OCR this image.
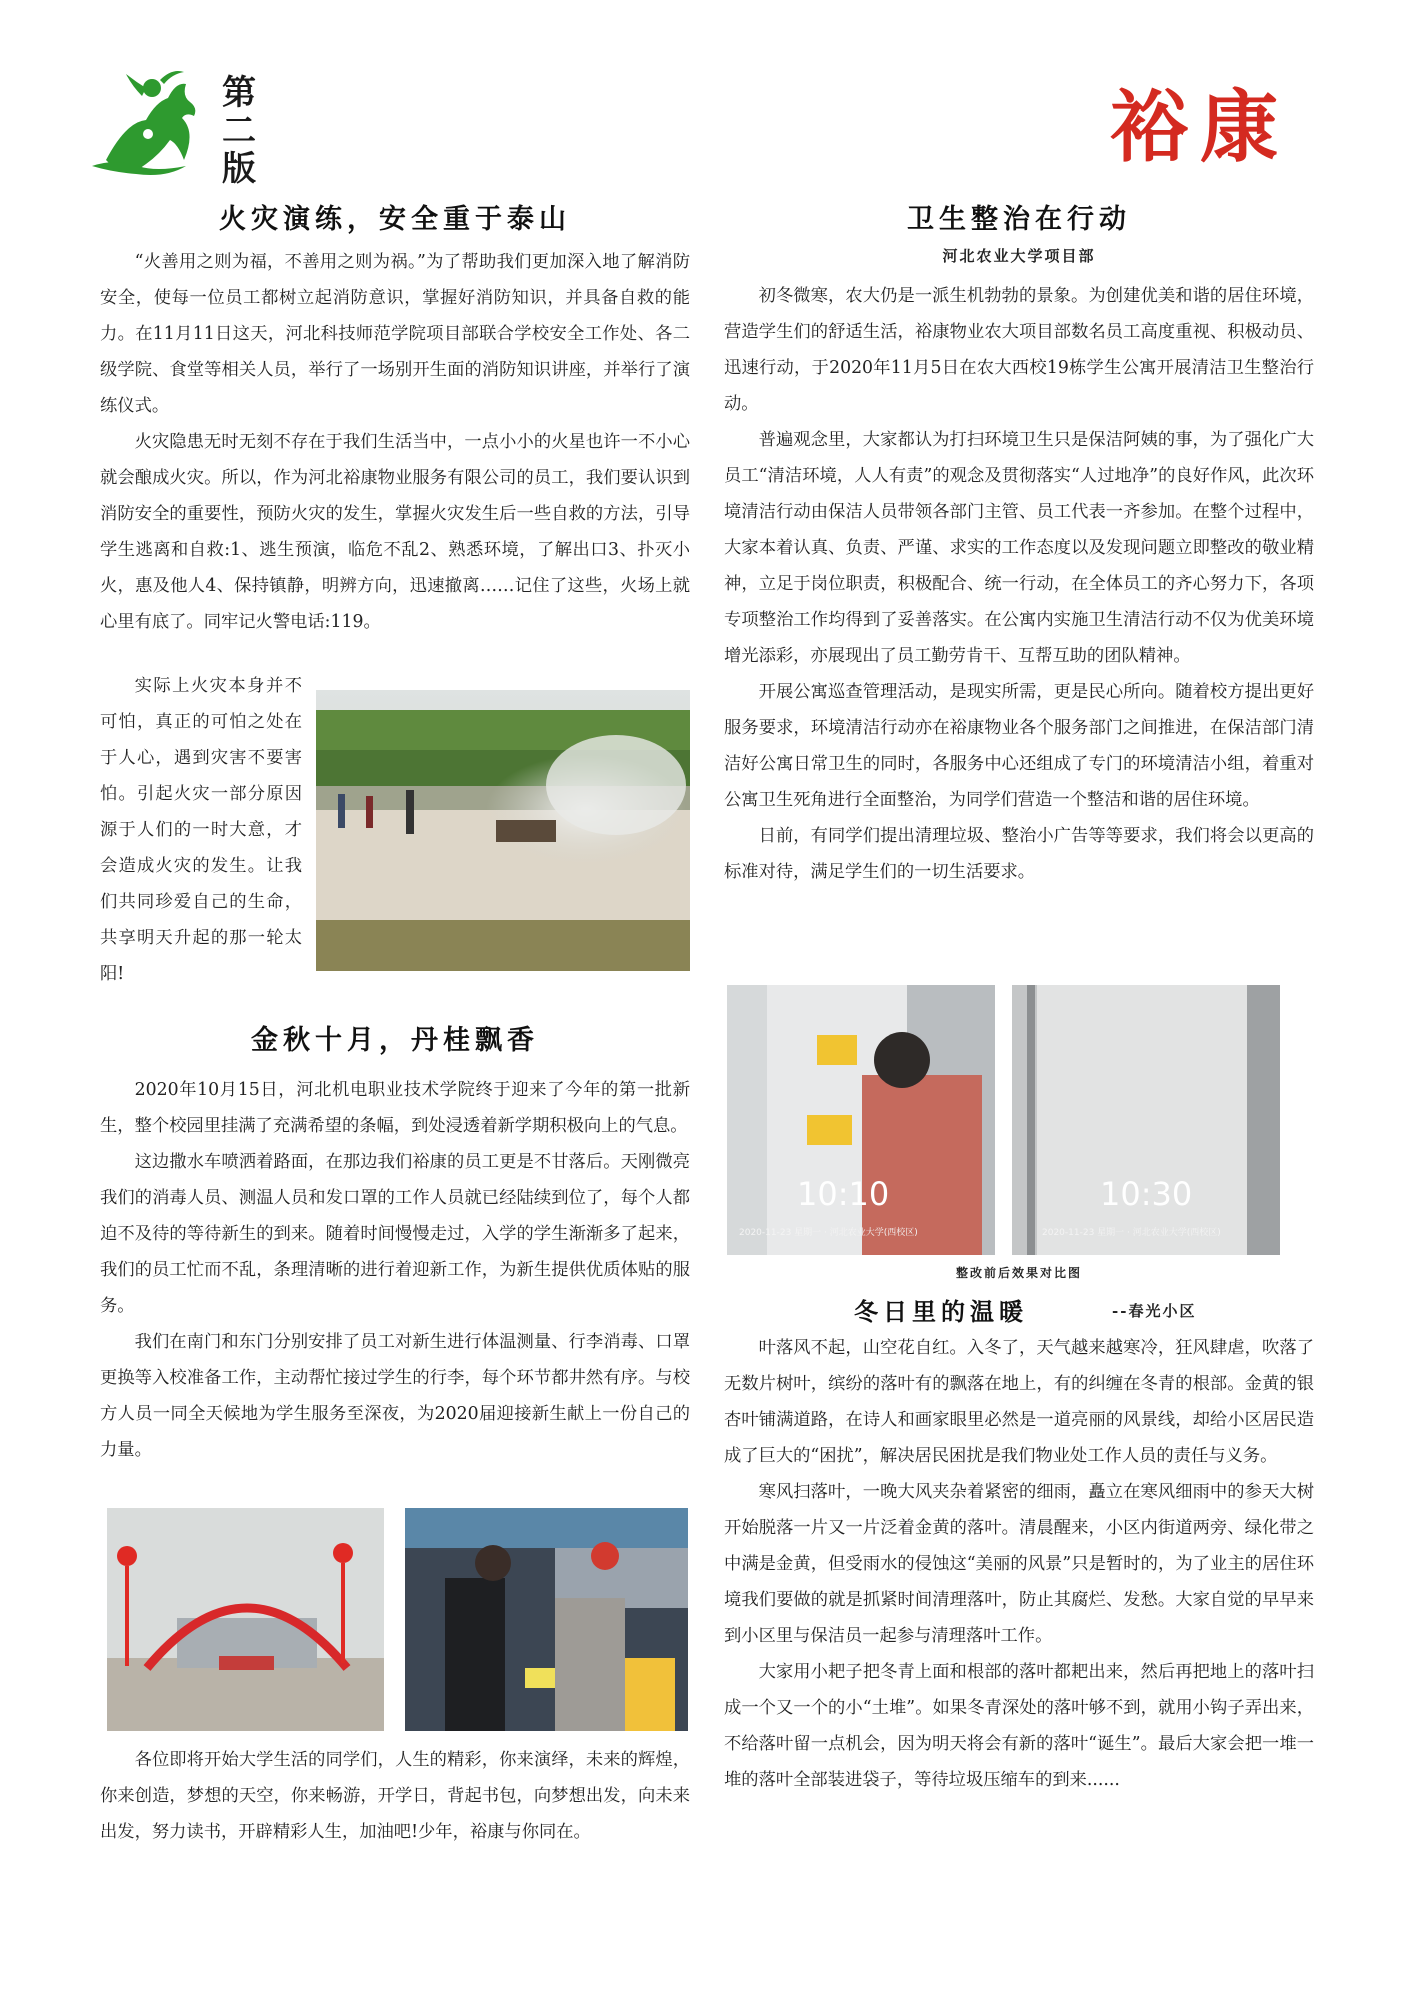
第二版	裕康
火灾演练，安全重于泰山

“火善用之则为福，不善用之则为祸。”为了帮助我们更加深入地了解消防安全，使每一位员工都树立起消防意识，掌握好消防知识，并具备自救的能力。在11月11日这天，河北科技师范学院项目部联合学校安全工作处、各二级学院、食堂等相关人员，举行了一场别开生面的消防知识讲座，并举行了演练仪式。

火灾隐患无时无刻不存在于我们生活当中，一点小小的火星也许一不小心就会酿成火灾。所以，作为河北裕康物业服务有限公司的员工，我们要认识到消防安全的重要性，预防火灾的发生，掌握火灾发生后一些自救的方法，引导学生逃离和自救:1、逃生预演，临危不乱2、熟悉环境，了解出口3、扑灭小火，惠及他人4、保持镇静，明辨方向，迅速撤离……记住了这些，火场上就心里有底了。同牢记火警电话:119。

实际上火灾本身并不可怕，真正的可怕之处在于人心，遇到灾害不要害怕。引起火灾一部分原因源于人们的一时大意，才会造成火灾的发生。让我们共同珍爱自己的生命，共享明天升起的那一轮太阳!

金秋十月，丹桂飘香

2020年10月15日，河北机电职业技术学院终于迎来了今年的第一批新生，整个校园里挂满了充满希望的条幅，到处浸透着新学期积极向上的气息。

这边撒水车喷洒着路面，在那边我们裕康的员工更是不甘落后。天刚微亮我们的消毒人员、测温人员和发口罩的工作人员就已经陆续到位了，每个人都迫不及待的等待新生的到来。随着时间慢慢走过，入学的学生渐渐多了起来，我们的员工忙而不乱，条理清晰的进行着迎新工作，为新生提供优质体贴的服务。

我们在南门和东门分别安排了员工对新生进行体温测量、行李消毒、口罩更换等入校准备工作，主动帮忙接过学生的行李，每个环节都井然有序。与校方人员一同全天候地为学生服务至深夜，为2020届迎接新生献上一份自己的力量。

各位即将开始大学生活的同学们，人生的精彩，你来演绎，未来的辉煌，你来创造，梦想的天空，你来畅游，开学日，背起书包，向梦想出发，向未来出发，努力读书，开辟精彩人生，加油吧!少年，裕康与你同在。

卫生整治在行动
河北农业大学项目部

初冬微寒，农大仍是一派生机勃勃的景象。为创建优美和谐的居住环境，营造学生们的舒适生活，裕康物业农大项目部数名员工高度重视、积极动员、迅速行动，于2020年11月5日在农大西校19栋学生公寓开展清洁卫生整治行动。

普遍观念里，大家都认为打扫环境卫生只是保洁阿姨的事，为了强化广大员工“清洁环境，人人有责”的观念及贯彻落实“人过地净”的良好作风，此次环境清洁行动由保洁人员带领各部门主管、员工代表一齐参加。在整个过程中，大家本着认真、负责、严谨、求实的工作态度以及发现问题立即整改的敬业精神，立足于岗位职责，积极配合、统一行动，在全体员工的齐心努力下，各项专项整治工作均得到了妥善落实。在公寓内实施卫生清洁行动不仅为优美环境增光添彩，亦展现出了员工勤劳肯干、互帮互助的团队精神。

开展公寓巡查管理活动，是现实所需，更是民心所向。随着校方提出更好服务要求，环境清洁行动亦在裕康物业各个服务部门之间推进，在保洁部门清洁好公寓日常卫生的同时，各服务中心还组成了专门的环境清洁小组，着重对公寓卫生死角进行全面整治，为同学们营造一个整洁和谐的居住环境。

日前，有同学们提出清理垃圾、整治小广告等等要求，我们将会以更高的标准对待，满足学生们的一切生活要求。

10:10
2020-11-23 星期一 · 河北农业大学(西校区)
10:30
2020-11-23 星期一 · 河北农业大学(西校区)
整改前后效果对比图
冬日里的温暖	--春光小区

叶落风不起，山空花自红。入冬了，天气越来越寒冷，狂风肆虐，吹落了无数片树叶，缤纷的落叶有的飘落在地上，有的纠缠在冬青的根部。金黄的银杏叶铺满道路，在诗人和画家眼里必然是一道亮丽的风景线，却给小区居民造成了巨大的“困扰”，解决居民困扰是我们物业处工作人员的责任与义务。

寒风扫落叶，一晚大风夹杂着紧密的细雨，矗立在寒风细雨中的参天大树开始脱落一片又一片泛着金黄的落叶。清晨醒来，小区内街道两旁、绿化带之中满是金黄，但受雨水的侵蚀这“美丽的风景”只是暂时的，为了业主的居住环境我们要做的就是抓紧时间清理落叶，防止其腐烂、发愁。大家自觉的早早来到小区里与保洁员一起参与清理落叶工作。

大家用小耙子把冬青上面和根部的落叶都耙出来，然后再把地上的落叶扫成一个又一个的小“土堆”。如果冬青深处的落叶够不到，就用小钩子弄出来，不给落叶留一点机会，因为明天将会有新的落叶“诞生”。最后大家会把一堆一堆的落叶全部装进袋子，等待垃圾压缩车的到来......
